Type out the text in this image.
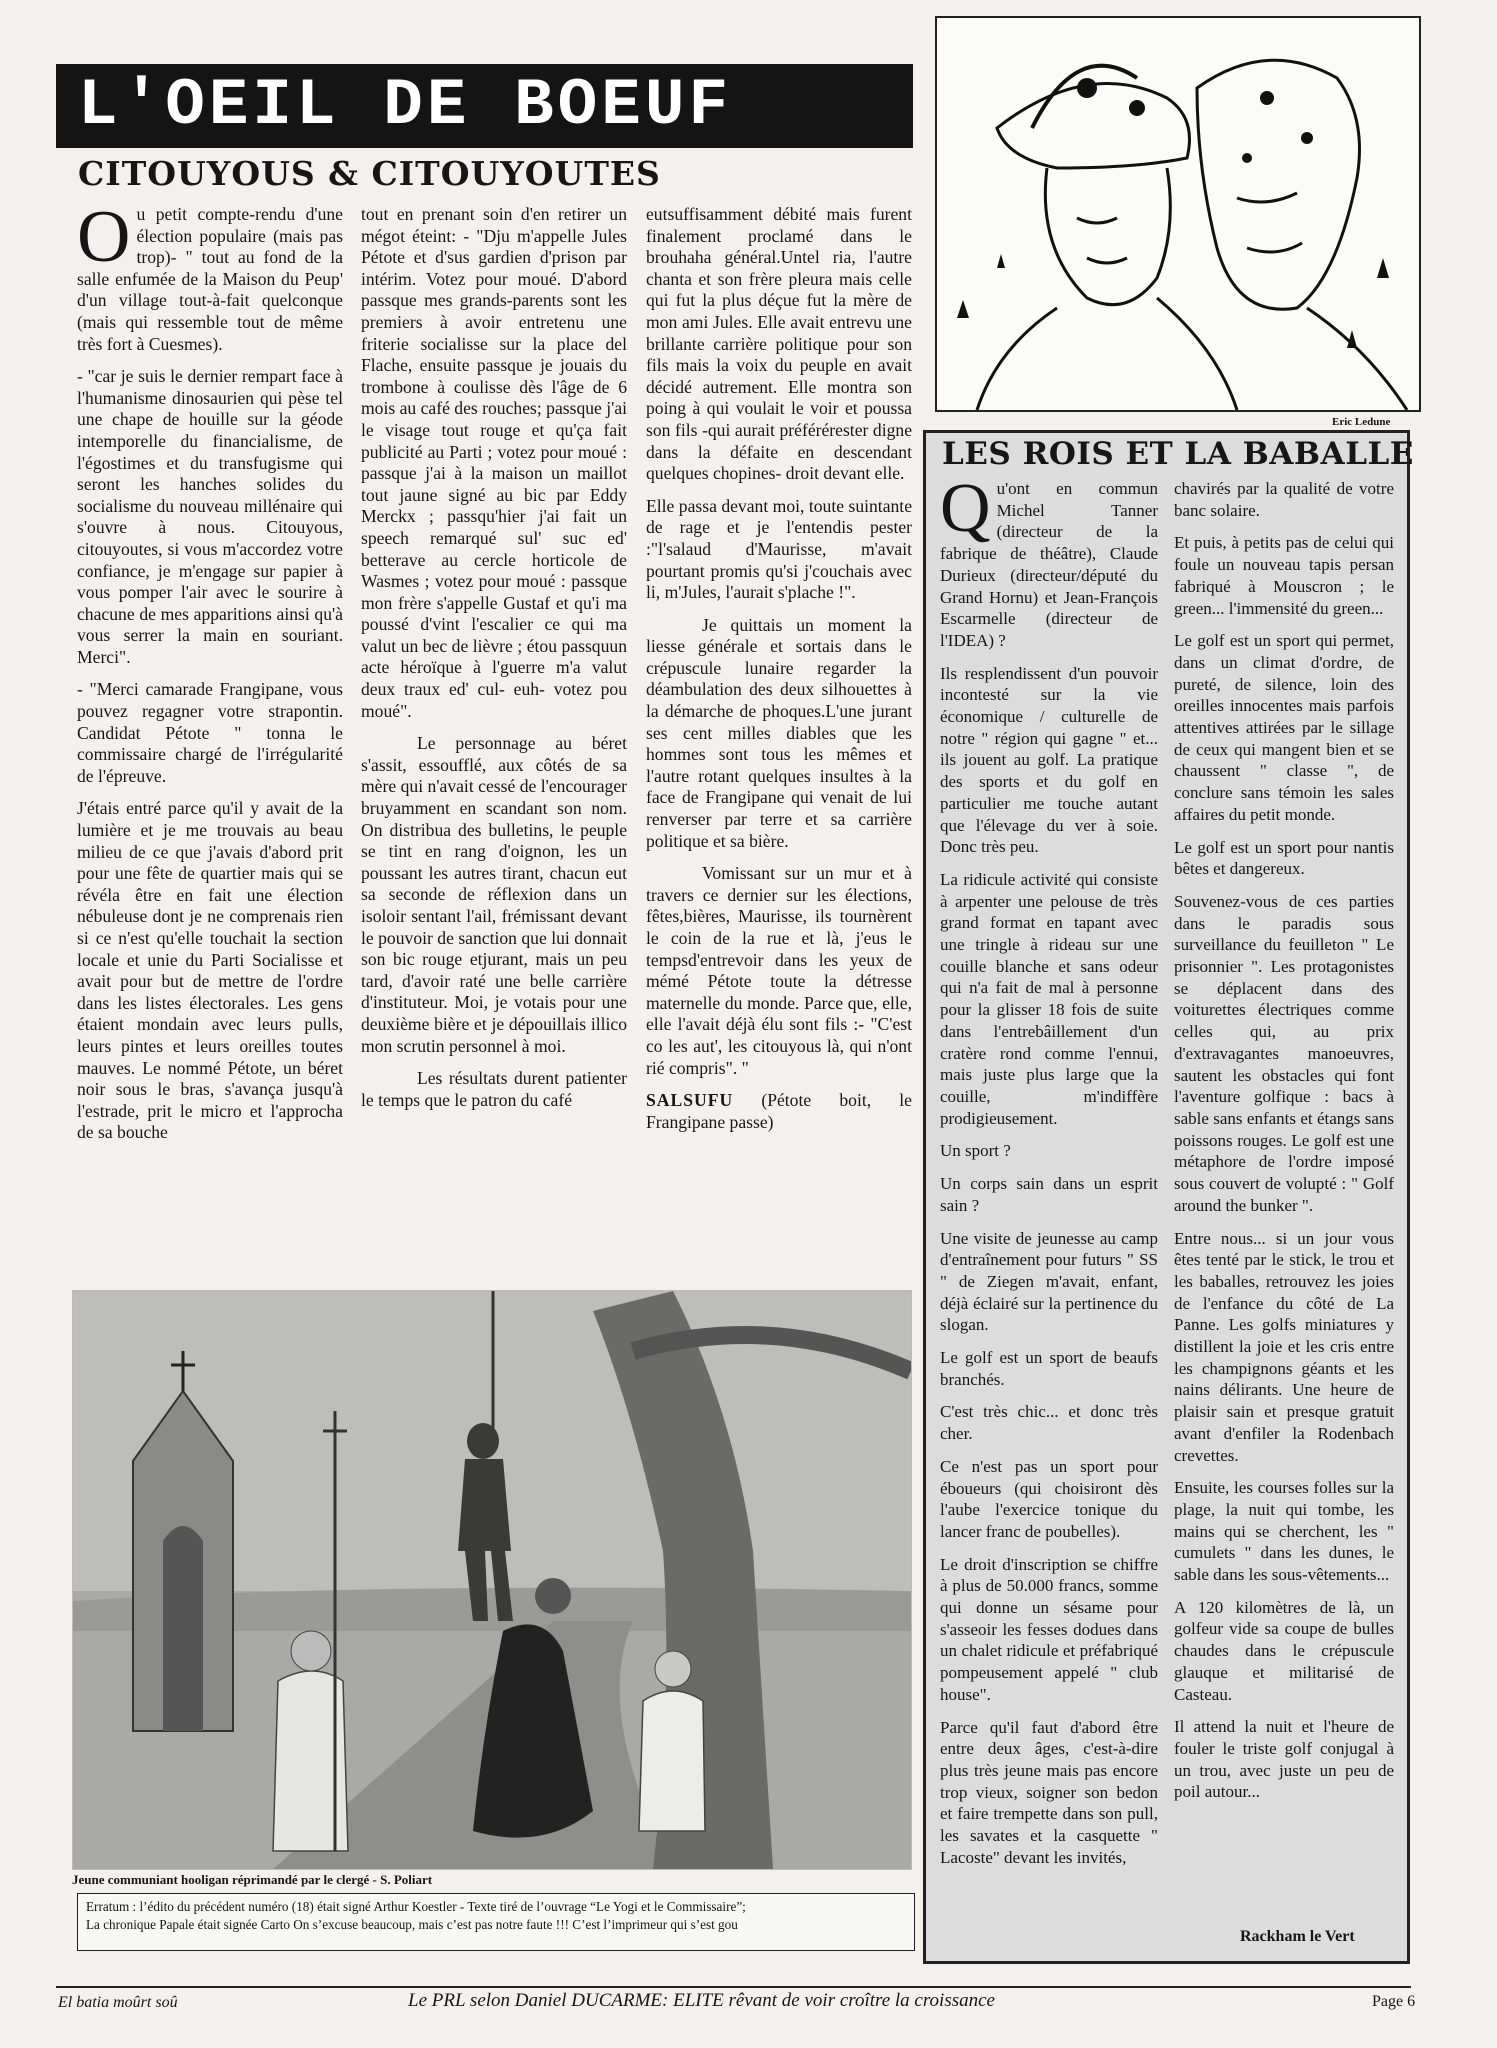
L'OEIL DE BOEUF
CITOUYOUS & CITOUYOUTES

Ou petit compte-rendu d'une élection populaire (mais pas trop)- " tout au fond de la salle enfumée de la Maison du Peup' d'un village tout-à-fait quelconque (mais qui ressemble tout de même très fort à Cuesmes).

- "car je suis le dernier rempart face à l'humanisme dinosaurien qui pèse tel une chape de houille sur la géode intemporelle du financialisme, de l'égostimes et du transfugisme qui seront les hanches solides du socialisme du nouveau millénaire qui s'ouvre à nous. Citouyous, citouyoutes, si vous m'accordez votre confiance, je m'engage sur papier à vous pomper l'air avec le sourire à chacune de mes apparitions ainsi qu'à vous serrer la main en souriant. Merci".

- "Merci camarade Frangipane, vous pouvez regagner votre strapontin. Candidat Pétote " tonna le commissaire chargé de l'irrégularité de l'épreuve.

J'étais entré parce qu'il y avait de la lumière et je me trouvais au beau milieu de ce que j'avais d'abord prit pour une fête de quartier mais qui se révéla être en fait une élection nébuleuse dont je ne comprenais rien si ce n'est qu'elle touchait la section locale et unie du Parti Socialisse et avait pour but de mettre de l'ordre dans les listes électorales. Les gens étaient mondain avec leurs pulls, leurs pintes et leurs oreilles toutes mauves. Le nommé Pétote, un béret noir sous le bras, s'avança jusqu'à l'estrade, prit le micro et l'approcha de sa bouche

tout en prenant soin d'en retirer un mégot éteint: - "Dju m'appelle Jules Pétote et d'sus gardien d'prison par intérim. Votez pour moué. D'abord passque mes grands-parents sont les premiers à avoir entretenu une friterie socialisse sur la place del Flache, ensuite passque je jouais du trombone à coulisse dès l'âge de 6 mois au café des rouches; passque j'ai le visage tout rouge et qu'ça fait publicité au Parti ; votez pour moué : passque j'ai à la maison un maillot tout jaune signé au bic par Eddy Merckx ; passqu'hier j'ai fait un speech remarqué sul' suc ed' betterave au cercle horticole de Wasmes ; votez pour moué : passque mon frère s'appelle Gustaf et qu'i ma poussé d'vint l'escalier ce qui ma valut un bec de lièvre ; étou passquun acte héroïque à l'guerre m'a valut deux traux ed' cul- euh- votez pou moué".

Le personnage au béret s'assit, essoufflé, aux côtés de sa mère qui n'avait cessé de l'encourager bruyamment en scandant son nom. On distribua des bulletins, le peuple se tint en rang d'oignon, les un poussant les autres tirant, chacun eut sa seconde de réflexion dans un isoloir sentant l'ail, frémissant devant le pouvoir de sanction que lui donnait son bic rouge etjurant, mais un peu tard, d'avoir raté une belle carrière d'instituteur. Moi, je votais pour une deuxième bière et je dépouillais illico mon scrutin personnel à moi.

Les résultats durent patienter le temps que le patron du café

eutsuffisamment débité mais furent finalement proclamé dans le brouhaha général.Untel ria, l'autre chanta et son frère pleura mais celle qui fut la plus déçue fut la mère de mon ami Jules. Elle avait entrevu une brillante carrière politique pour son fils mais la voix du peuple en avait décidé autrement. Elle montra son poing à qui voulait le voir et poussa son fils -qui aurait préférérester digne dans la défaite en descendant quelques chopines- droit devant elle.

Elle passa devant moi, toute suintante de rage et je l'entendis pester :"l'salaud d'Maurisse, m'avait pourtant promis qu'si j'couchais avec li, m'Jules, l'aurait s'plache !".

Je quittais un moment la liesse générale et sortais dans le crépuscule lunaire regarder la déambulation des deux silhouettes à la démarche de phoques.L'une jurant ses cent milles diables que les hommes sont tous les mêmes et l'autre rotant quelques insultes à la face de Frangipane qui venait de lui renverser par terre et sa carrière politique et sa bière.

Vomissant sur un mur et à travers ce dernier sur les élections, fêtes,bières, Maurisse, ils tournèrent le coin de la rue et là, j'eus le tempsd'entrevoir dans les yeux de mémé Pétote toute la détresse maternelle du monde. Parce que, elle, elle l'avait déjà élu sont fils :- "C'est co les aut', les citouyous là, qui n'ont rié compris". "

SALSUFU (Pétote boit, le Frangipane passe)

Eric Ledune
LES ROIS ET LA BABALLE

Qu'ont en commun Michel Tanner (directeur de la fabrique de théâtre), Claude Durieux (directeur/député du Grand Hornu) et Jean-François Escarmelle (directeur de l'IDEA) ?

Ils resplendissent d'un pouvoir incontesté sur la vie économique / culturelle de notre " région qui gagne " et... ils jouent au golf. La pratique des sports et du golf en particulier me touche autant que l'élevage du ver à soie. Donc très peu.

La ridicule activité qui consiste à arpenter une pelouse de très grand format en tapant avec une tringle à rideau sur une couille blanche et sans odeur qui n'a fait de mal à personne pour la glisser 18 fois de suite dans l'entrebâillement d'un cratère rond comme l'ennui, mais juste plus large que la couille, m'indiffère prodigieusement.

Un sport ?

Un corps sain dans un esprit sain ?

Une visite de jeunesse au camp d'entraînement pour futurs " SS " de Ziegen m'avait, enfant, déjà éclairé sur la pertinence du slogan.

Le golf est un sport de beaufs branchés.

C'est très chic... et donc très cher.

Ce n'est pas un sport pour éboueurs (qui choisiront dès l'aube l'exercice tonique du lancer franc de poubelles).

Le droit d'inscription se chiffre à plus de 50.000 francs, somme qui donne un sésame pour s'asseoir les fesses dodues dans un chalet ridicule et préfabriqué pompeusement appelé " club house".

Parce qu'il faut d'abord être entre deux âges, c'est-à-dire plus très jeune mais pas encore trop vieux, soigner son bedon et faire trempette dans son pull, les savates et la casquette " Lacoste" devant les invités,

chavirés par la qualité de votre banc solaire.

Et puis, à petits pas de celui qui foule un nouveau tapis persan fabriqué à Mouscron ; le green... l'immensité du green...

Le golf est un sport qui permet, dans un climat d'ordre, de pureté, de silence, loin des oreilles innocentes mais parfois attentives attirées par le sillage de ceux qui mangent bien et se chaussent " classe ", de conclure sans témoin les sales affaires du petit monde.

Le golf est un sport pour nantis bêtes et dangereux.

Souvenez-vous de ces parties dans le paradis sous surveillance du feuilleton " Le prisonnier ". Les protagonistes se déplacent dans des voiturettes électriques comme celles qui, au prix d'extravagantes manoeuvres, sautent les obstacles qui font l'aventure golfique : bacs à sable sans enfants et étangs sans poissons rouges. Le golf est une métaphore de l'ordre imposé sous couvert de volupté : " Golf around the bunker ".

Entre nous... si un jour vous êtes tenté par le stick, le trou et les baballes, retrouvez les joies de l'enfance du côté de La Panne. Les golfs miniatures y distillent la joie et les cris entre les champignons géants et les nains délirants. Une heure de plaisir sain et presque gratuit avant d'enfiler la Rodenbach crevettes.

Ensuite, les courses folles sur la plage, la nuit qui tombe, les mains qui se cherchent, les " cumulets " dans les dunes, le sable dans les sous-vêtements...

A 120 kilomètres de là, un golfeur vide sa coupe de bulles chaudes dans le crépuscule glauque et militarisé de Casteau.

Il attend la nuit et l'heure de fouler le triste golf conjugal à un trou, avec juste un peu de poil autour...

Rackham le Vert
Jeune communiant hooligan réprimandé par le clergé - S. Poliart
Erratum : l’édito du précédent numéro (18) était signé Arthur Koestler - Texte tiré de l’ouvrage “Le Yogi et le Commissaire”;
La chronique Papale était signée Carto On s’excuse beaucoup, mais c’est pas notre faute !!! C’est l’imprimeur qui s’est gou
El batia moûrt soû	Le PRL selon Daniel DUCARME: ELITE rêvant de voir croître la croissance	Page 6
